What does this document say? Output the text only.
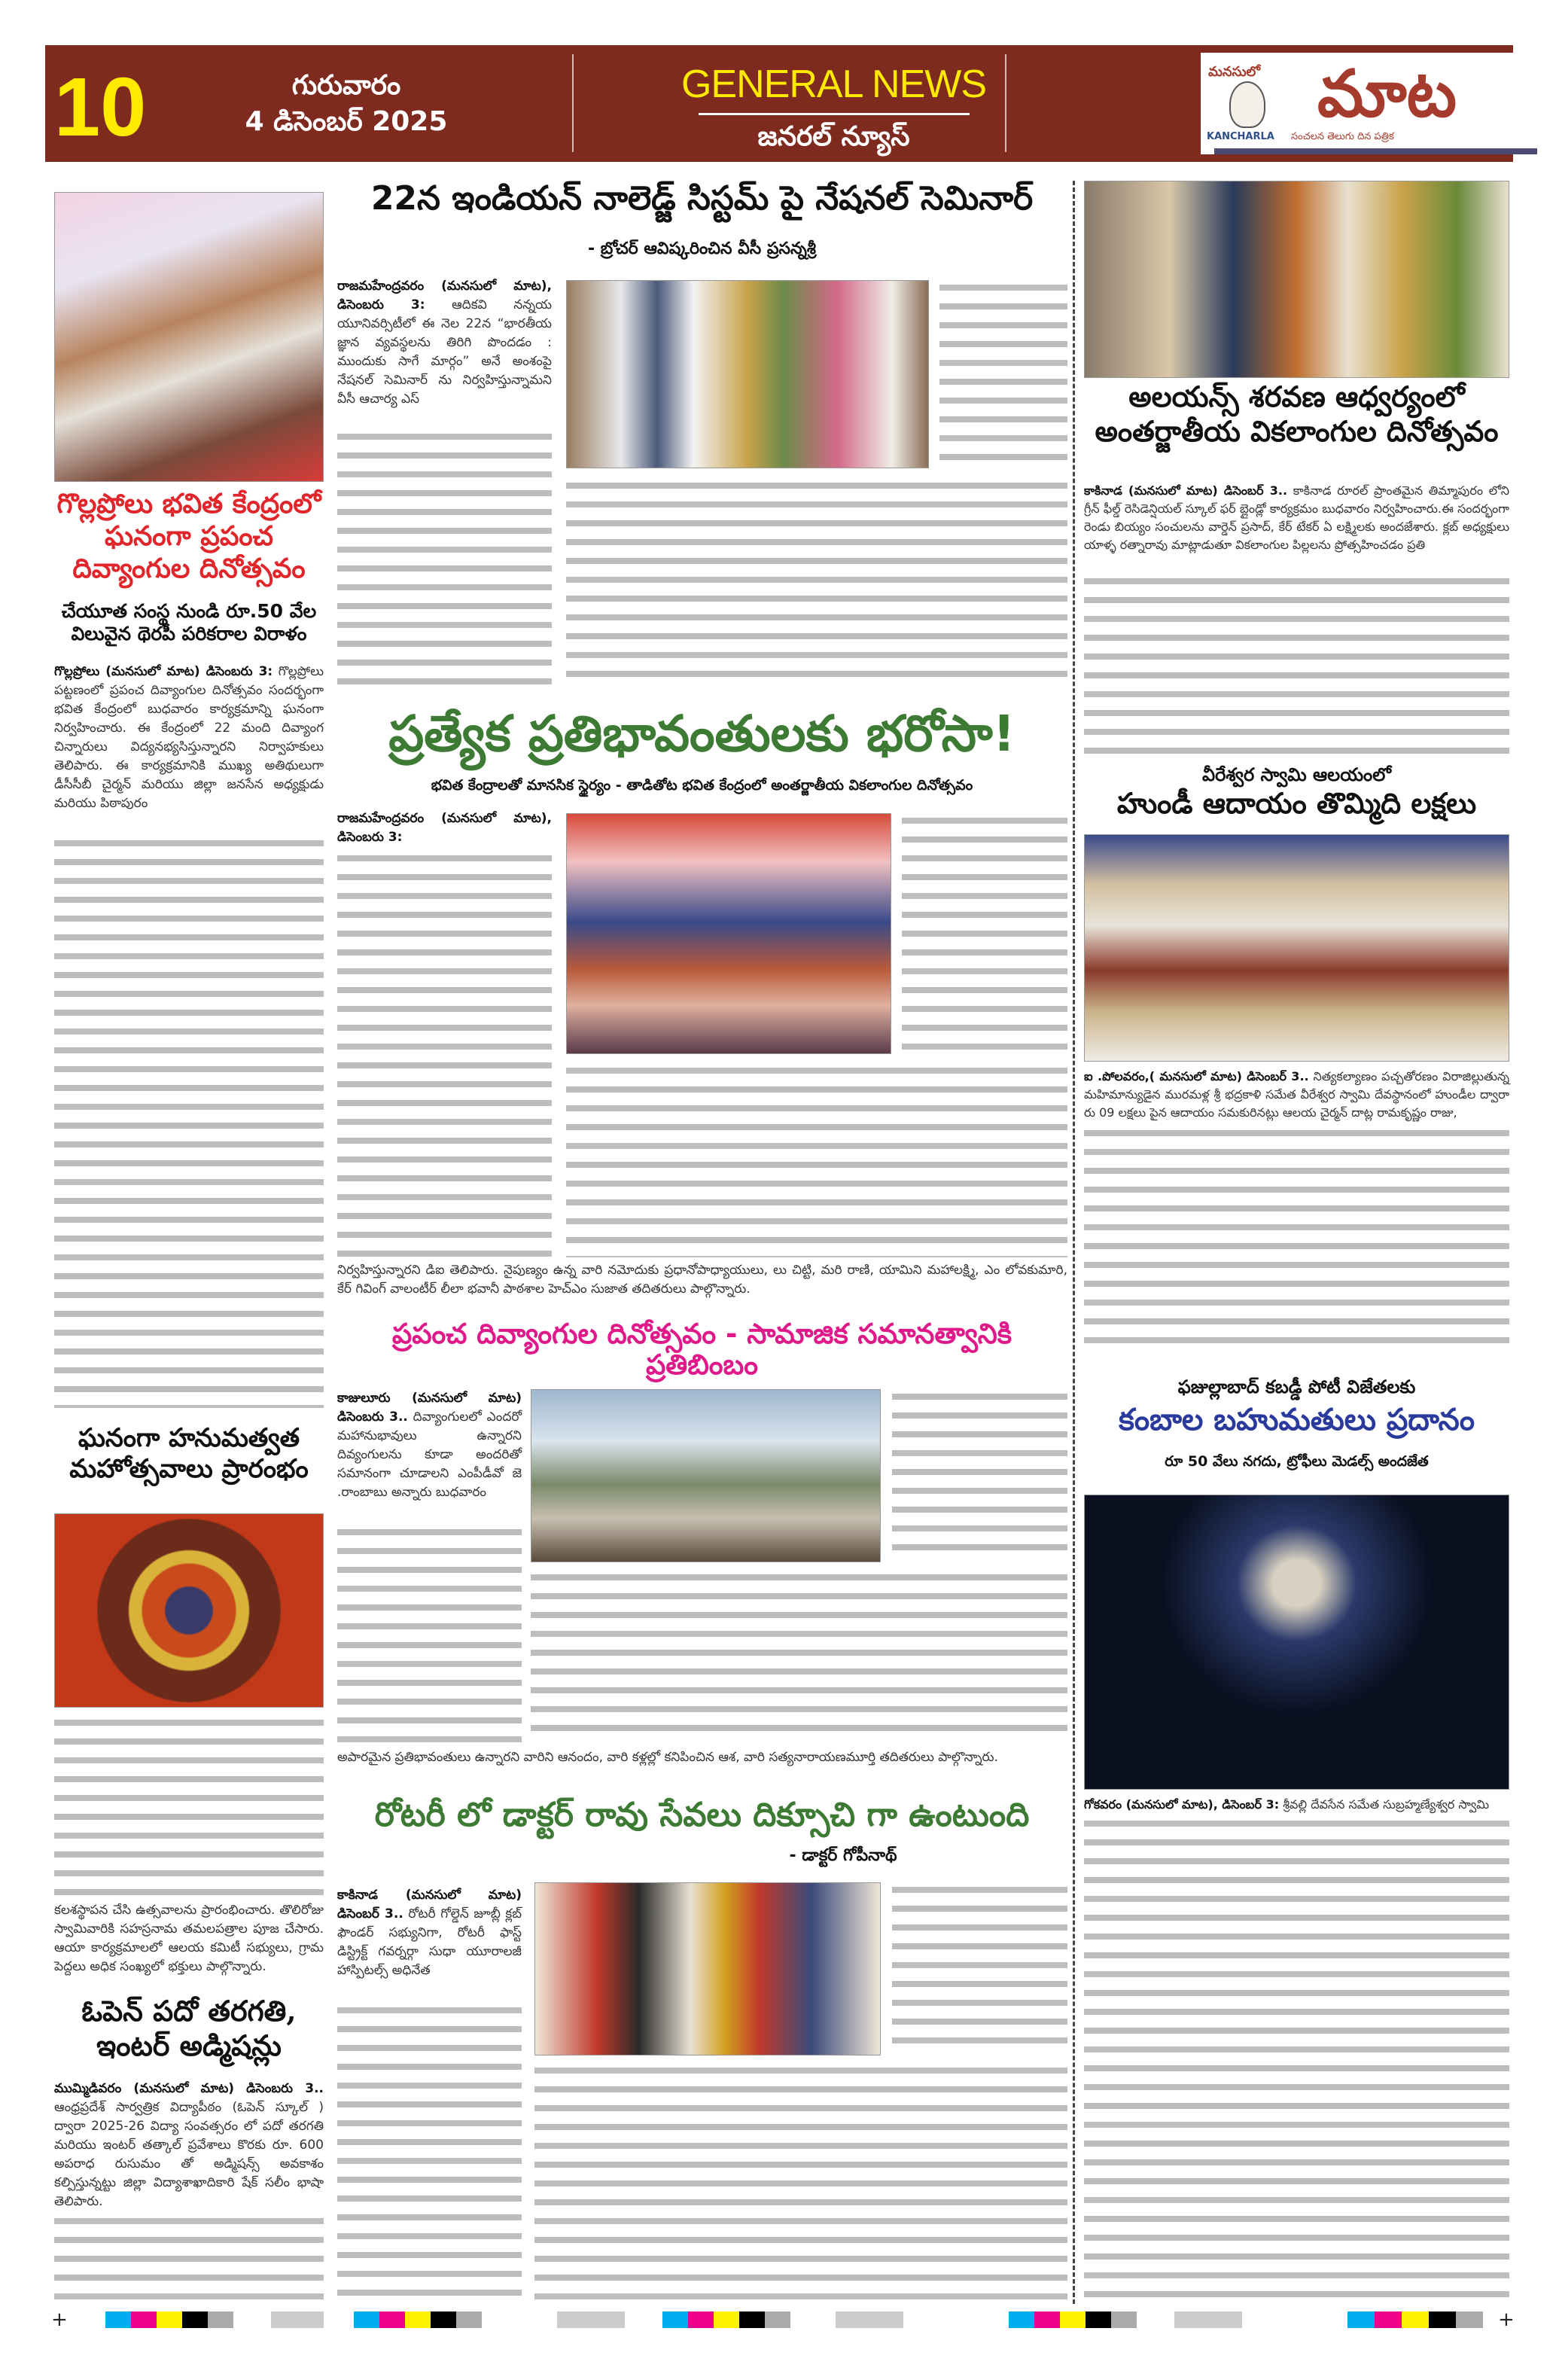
10	గురువారం
4 డిసెంబర్ 2025
GENERAL NEWS
జనరల్ న్యూస్
మనసులో మాట
KANCHARLA సంచలన తెలుగు దిన పత్రిక
గొల్లప్రోలు భవిత కేంద్రంలో ఘనంగా ప్రపంచ దివ్యాంగుల దినోత్సవం
చేయూత సంస్థ నుండి రూ.50 వేల విలువైన థెరపీ పరికరాల విరాళం
గొల్లప్రోలు (మనసులో మాట) డిసెంబరు 3: గొల్లప్రోలు పట్టణంలో ప్రపంచ దివ్యాంగుల దినోత్సవం సందర్భంగా భవిత కేంద్రంలో బుధవారం కార్యక్రమాన్ని ఘనంగా నిర్వహించారు. ఈ కేంద్రంలో 22 మంది దివ్యాంగ చిన్నారులు విద్యనభ్యసిస్తున్నారని నిర్వాహకులు తెలిపారు. ఈ కార్యక్రమానికి ముఖ్య అతిథులుగా డీసీసీబీ చైర్మన్ మరియు జిల్లా జనసేన అధ్యక్షుడు మరియు పిఠాపురం
ఘనంగా హనుమత్వత మహోత్సవాలు ప్రారంభం
కలశస్థాపన చేసి ఉత్సవాలను ప్రారంభించారు. తొలిరోజు స్వామివారికి సహస్రనామ తమలపత్రాల పూజ చేసారు. ఆయా కార్యక్రమాలలో ఆలయ కమిటీ సభ్యులు, గ్రామ పెద్దలు అధిక సంఖ్యలో భక్తులు పాల్గొన్నారు.
ఓపెన్ పదో తరగతి, ఇంటర్ అడ్మిషన్లు
ముమ్మిడివరం (మనసులో మాట) డిసెంబరు 3.. ఆంధ్రప్రదేశ్ సార్వత్రిక విద్యాపీఠం (ఓపెన్ స్కూల్ ) ద్వారా 2025-26 విద్యా సంవత్సరం లో పదో తరగతి మరియు ఇంటర్ తత్కాల్ ప్రవేశాలు కొరకు రూ. 600 అపరాధ రుసుమం తో అడ్మిషన్స్ అవకాశం కల్పిస్తున్నట్టు జిల్లా విద్యాశాఖాదికారి షేక్ సలీం భాషా తెలిపారు.
22న ఇండియన్ నాలెడ్జ్ సిస్టమ్ పై నేషనల్ సెమినార్
- బ్రోచర్ ఆవిష్కరించిన వీసీ ప్రసన్నశ్రీ
రాజమహేంద్రవరం (మనసులో మాట), డిసెంబరు 3: ఆదికవి నన్నయ యూనివర్సిటీలో ఈ నెల 22న “భారతీయ జ్ఞాన వ్యవస్థలను తిరిగి పొందడం : ముందుకు సాగే మార్గం” అనే అంశంపై నేషనల్ సెమినార్ ను నిర్వహిస్తున్నామని వీసీ ఆచార్య ఎస్
ప్రత్యేక ప్రతిభావంతులకు భరోసా!
భవిత కేంద్రాలతో మానసిక స్థైర్యం - తాడితోట భవిత కేంద్రంలో అంతర్జాతీయ వికలాంగుల దినోత్సవం
రాజమహేంద్రవరం (మనసులో మాట), డిసెంబరు 3:
నిర్వహిస్తున్నారని డిఐ తెలిపారు. నైపుణ్యం ఉన్న వారి నమోదుకు ప్రధానోపాధ్యాయులు, లు చిట్టి, మరి రాణి, యామిని మహాలక్ష్మి, ఎం లోవకుమారి, కేర్ గివింగ్ వాలంటీర్ లీలా భవానీ పాఠశాల హెచ్ఎం సుజాత తదితరులు పాల్గొన్నారు.
ప్రపంచ దివ్యాంగుల దినోత్సవం - సామాజిక సమానత్వానికి ప్రతిబింబం
కాజులూరు (మనసులో మాట) డిసెంబరు 3.. దివ్యాంగులలో ఎందరో మహానుభావులు ఉన్నారని దివ్యంగులను కూడా అందరితో సమానంగా చూడాలని ఎంపీడీవో జె .రాంబాబు అన్నారు బుధవారం
అపారమైన ప్రతిభావంతులు ఉన్నారని వారిని ఆనందం, వారి కళ్లల్లో కనిపించిన ఆశ, వారి సత్యనారాయణమూర్తి తదితరులు పాల్గొన్నారు.
రోటరీ లో డాక్టర్ రావు సేవలు దిక్సూచి గా ఉంటుంది
- డాక్టర్ గోపీనాథ్
కాకినాడ (మనసులో మాట) డిసెంబర్ 3.. రోటరీ గోల్డెన్ జూబ్లీ క్లబ్ ఫౌండర్ సభ్యునిగా, రోటరీ ఫాస్ట్ డిస్ట్రిక్ట్ గవర్నర్గా సుధా యూరాలజీ హాస్పిటల్స్ అధినేత
అలయన్స్ శరవణ ఆధ్వర్యంలో అంతర్జాతీయ వికలాంగుల దినోత్సవం
కాకినాడ (మనసులో మాట) డిసెంబర్ 3.. కాకినాడ రూరల్ ప్రాంతమైన తిమ్మాపురం లోని గ్రీన్ ఫీల్డ్ రెసిడెన్షియల్ స్కూల్ ఫర్ బ్లైండ్లో కార్యక్రమం బుధవారం నిర్వహించారు.ఈ సందర్భంగా రెండు బియ్యం సంచులను వార్డెన్ ప్రసాద్, కేర్ టేకర్ ఏ లక్ష్మిలకు అందజేశారు. క్లబ్ అధ్యక్షులు యాళ్ళ రత్నారావు మాట్లాడుతూ వికలాంగుల పిల్లలను ప్రోత్సహించడం ప్రతి
వీరేశ్వర స్వామి ఆలయంలో
హుండీ ఆదాయం తొమ్మిది లక్షలు
ఐ .పోలవరం,( మనసులో మాట) డిసెంబర్ 3.. నిత్యకల్యాణం పచ్చతోరణం విరాజిల్లుతున్న మహిమాన్యుడైన మురమళ్ల శ్రీ భద్రకాళి సమేత వీరేశ్వర స్వామి దేవస్థానంలో హుండీల ద్వారా రు 09 లక్షలు పైన ఆదాయం సమకురినట్లు ఆలయ చైర్మన్ దాట్ల రామకృష్ణం రాజు,
ఫజుల్లాబాద్ కబడ్డీ పోటీ విజేతలకు
కంబాల బహుమతులు ప్రదానం
రూ 50 వేలు నగదు, ట్రోఫీలు మెడల్స్ అందజేత
గోకవరం (మనసులో మాట), డిసెంబర్ 3: శ్రీవల్లి దేవసేన సమేత సుబ్రహ్మణ్యేశ్వర స్వామి
+	+
